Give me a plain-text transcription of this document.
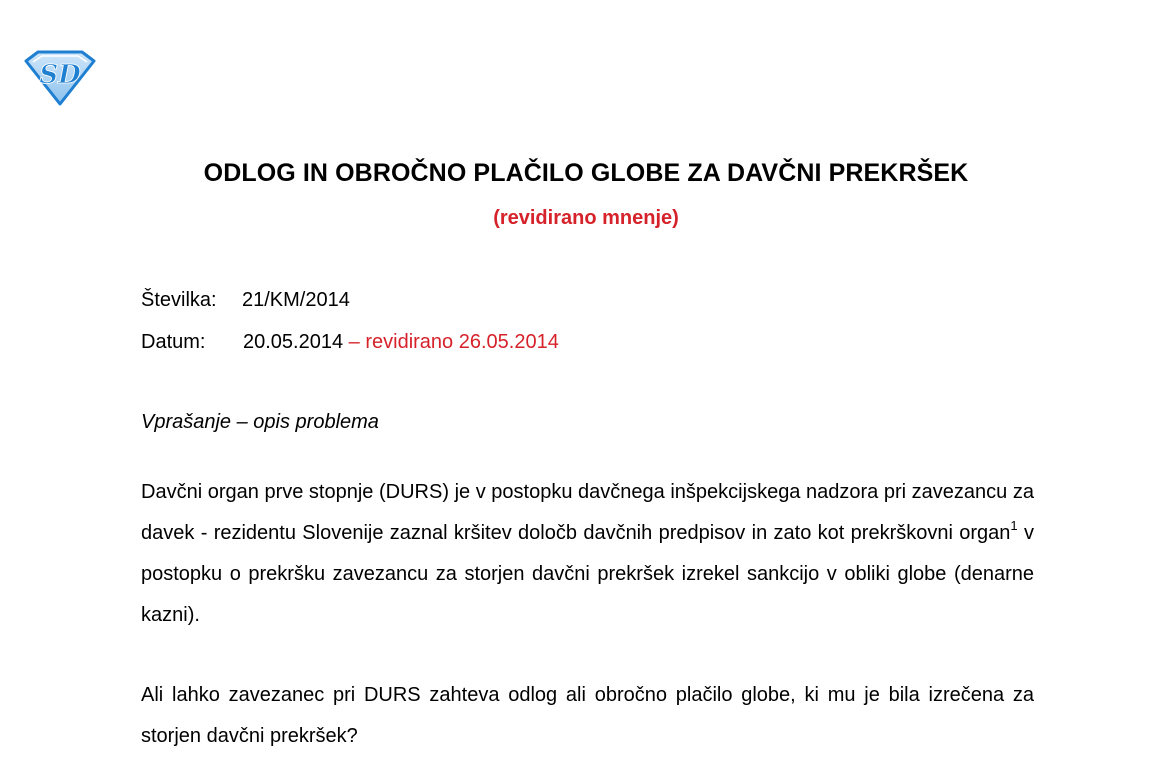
SD
ODLOG IN OBROČNO PLAČILO GLOBE ZA DAVČNI PREKRŠEK
(revidirano mnenje)
Številka: 21/KM/2014
Datum: 20.05.2014 – revidirano 26.05.2014
Vprašanje – opis problema
Davčni organ prve stopnje (DURS) je v postopku davčnega inšpekcijskega nadzora pri zavezancu za davek - rezidentu Slovenije zaznal kršitev določb davčnih predpisov in zato kot prekrškovni organ$^1$ v postopku o prekršku zavezancu za storjen davčni prekršek izrekel sankcijo v obliki globe (denarne kazni).
Ali lahko zavezanec pri DURS zahteva odlog ali obročno plačilo globe, ki mu je bila izrečena za storjen davčni prekršek?
